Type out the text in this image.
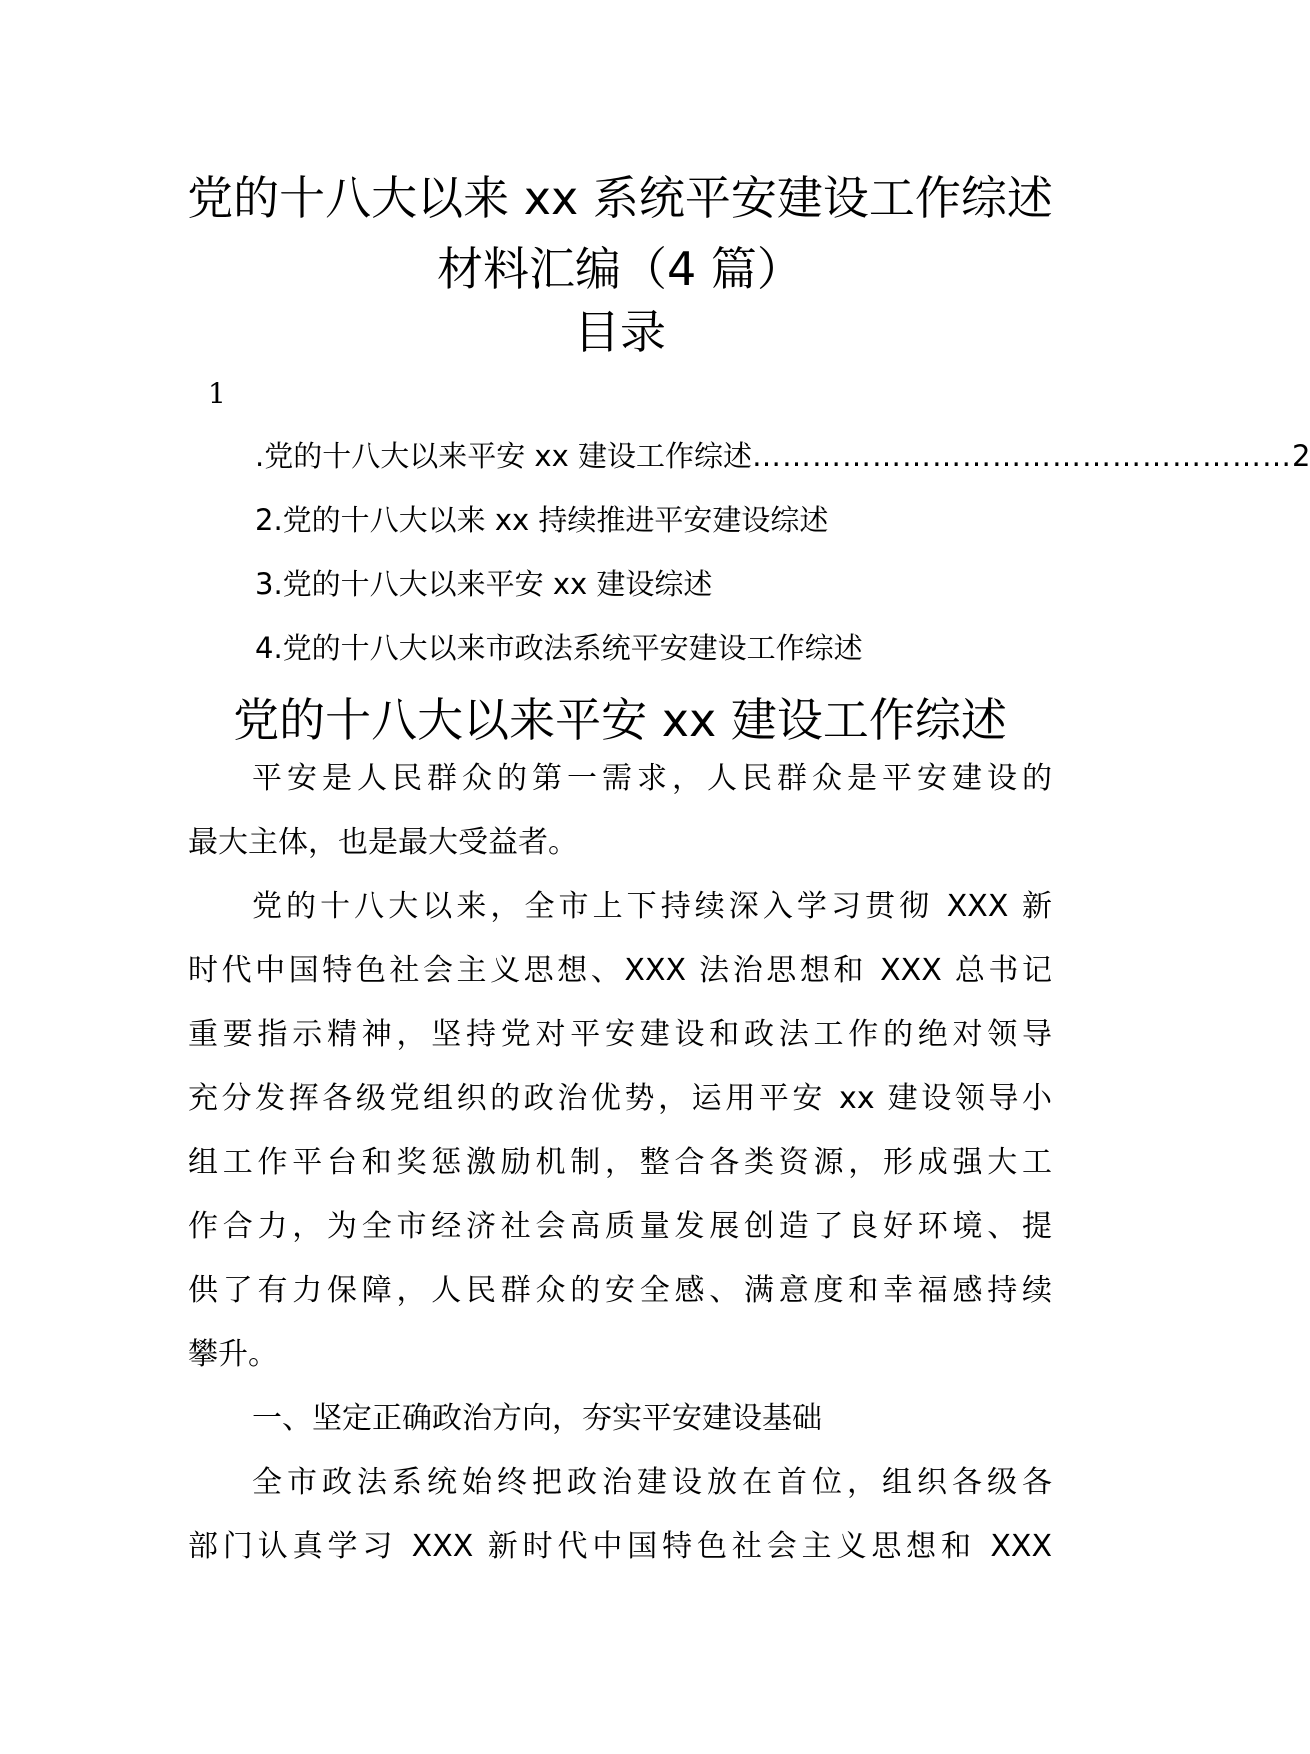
党的十八大以来 xx 系统平安建设工作综述
材料汇编（4 篇）
目录
1
.党的十八大以来平安 xx 建设工作综述 ……………………………………………… 2
2.党的十八大以来 xx 持续推进平安建设综述
3.党的十八大以来平安 xx 建设综述
4.党的十八大以来市政法系统平安建设工作综述
党的十八大以来平安 xx 建设工作综述
平安是人民群众的第一需求，人民群众是平安建设的
最大主体，也是最大受益者。
党的十八大以来，全市上下持续深入学习贯彻 XXX 新
时代中国特色社会主义思想、XXX 法治思想和 XXX 总书记
重要指示精神，坚持党对平安建设和政法工作的绝对领导
充分发挥各级党组织的政治优势，运用平安 xx 建设领导小
组工作平台和奖惩激励机制，整合各类资源，形成强大工
作合力，为全市经济社会高质量发展创造了良好环境、提
供了有力保障，人民群众的安全感、满意度和幸福感持续
攀升。
一、坚定正确政治方向，夯实平安建设基础
全市政法系统始终把政治建设放在首位，组织各级各
部门认真学习 XXX 新时代中国特色社会主义思想和 XXX
